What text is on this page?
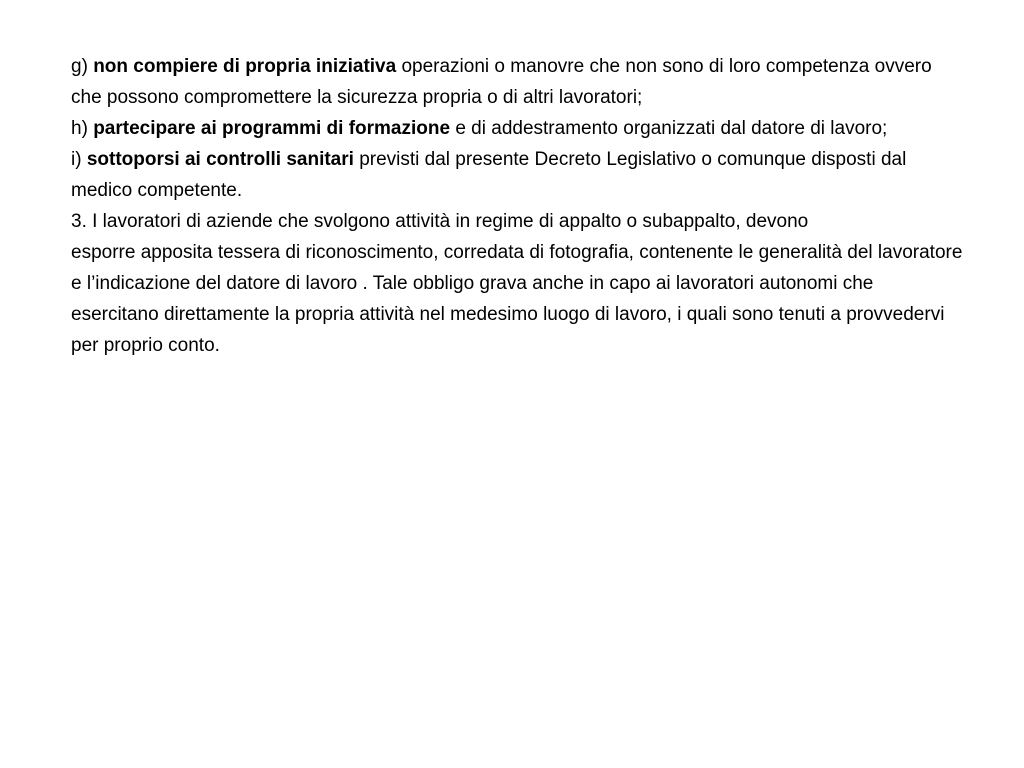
g) non compiere di propria iniziativa operazioni o manovre che non sono di loro competenza ovvero che possono compromettere la sicurezza propria o di altri lavoratori;

h) partecipare ai programmi di formazione e di addestramento organizzati dal datore di lavoro;

i) sottoporsi ai controlli sanitari previsti dal presente Decreto Legislativo o comunque disposti dal medico competente.

3. I lavoratori di aziende che svolgono attività in regime di appalto o subappalto, devono

esporre apposita tessera di riconoscimento, corredata di fotografia, contenente le generalità del lavoratore e l’indicazione del datore di lavoro . Tale obbligo grava anche in capo ai lavoratori autonomi che esercitano direttamente la propria attività nel medesimo luogo di lavoro, i quali sono tenuti a provvedervi per proprio conto.
